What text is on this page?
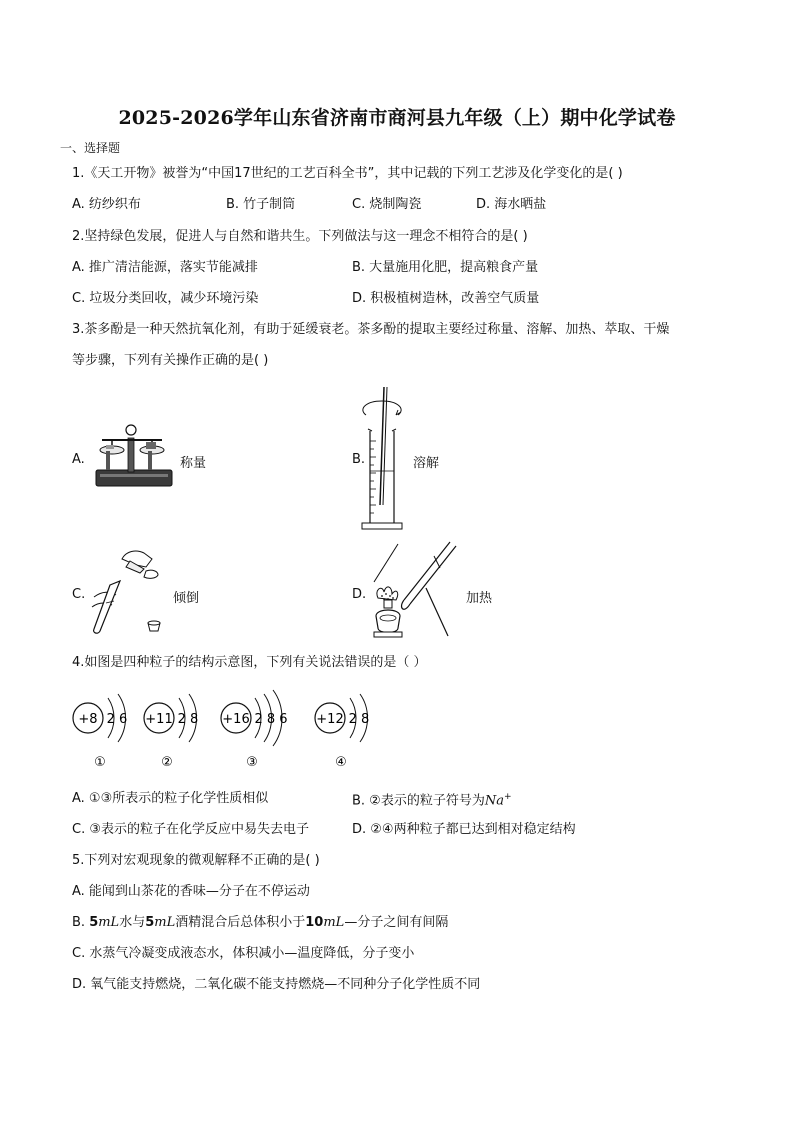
2025-2026学年山东省济南市商河县九年级（上）期中化学试卷
一、选择题
1.《天工开物》被誉为“中国17世纪的工艺百科全书”，其中记载的下列工艺涉及化学变化的是( )
A. 纺纱织布	B. 竹子制筒	C. 烧制陶瓷	D. 海水晒盐
2.坚持绿色发展，促进人与自然和谐共生。下列做法与这一理念不相符合的是( )
A. 推广清洁能源，落实节能减排	B. 大量施用化肥，提高粮食产量
C. 垃圾分类回收，减少环境污染	D. 积极植树造林，改善空气质量
3.茶多酚是一种天然抗氧化剂，有助于延缓衰老。茶多酚的提取主要经过称量、溶解、加热、萃取、干燥
等步骤，下列有关操作正确的是( )
A.	称量	B.	溶解
C.	倾倒	D.	加热
4.如图是四种粒子的结构示意图，下列有关说法错误的是（ ）
+8 2 6
①
+11 2 8
②
+16 2 8 6
③
+12 2 8
④
A. ①③所表示的粒子化学性质相似	B. ②表示的粒子符号为Na+
C. ③表示的粒子在化学反应中易失去电子	D. ②④两种粒子都已达到相对稳定结构
5.下列对宏观现象的微观解释不正确的是( )
A. 能闻到山茶花的香味—分子在不停运动
B. 5mL水与5mL酒精混合后总体积小于10mL—分子之间有间隔
C. 水蒸气冷凝变成液态水，体积减小—温度降低，分子变小
D. 氧气能支持燃烧，二氧化碳不能支持燃烧—不同种分子化学性质不同
